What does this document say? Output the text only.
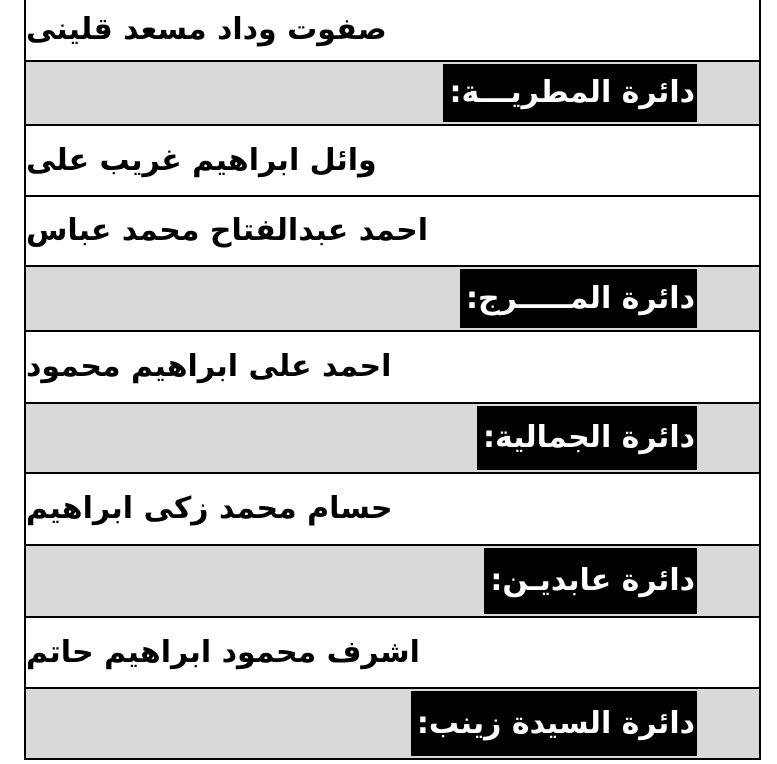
صفوت وداد مسعد قلينى
دائرة المطريـــة:
وائل ابراهيم غريب على
احمد عبدالفتاح محمد عباس
دائرة المـــــرج:
احمد على ابراهيم محمود
دائرة الجمالية:
حسام محمد زكى ابراهيم
دائرة عابديـن:
اشرف محمود ابراهيم حاتم
دائرة السيدة زينب:
